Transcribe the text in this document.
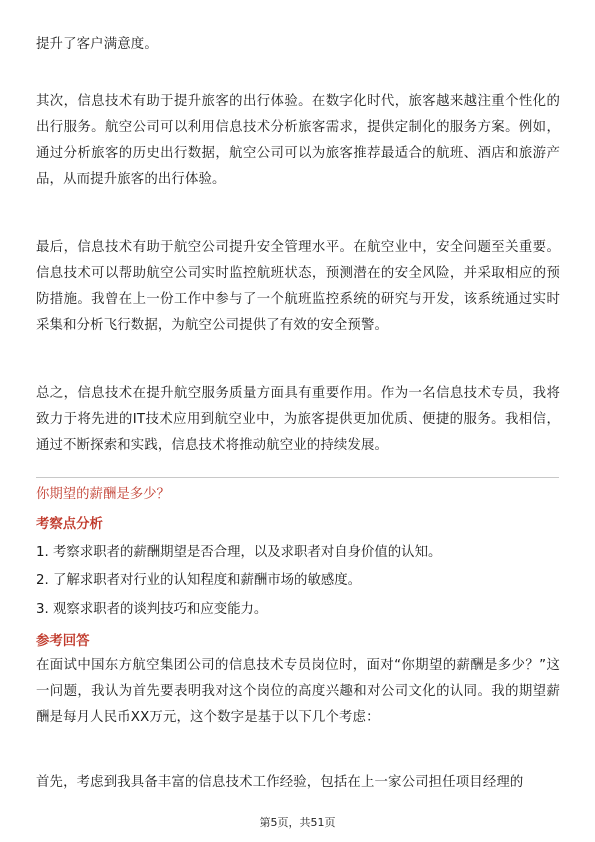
提升了客户满意度。

其次，信息技术有助于提升旅客的出行体验。在数字化时代，旅客越来越注重个性化的出行服务。航空公司可以利用信息技术分析旅客需求，提供定制化的服务方案。例如，通过分析旅客的历史出行数据，航空公司可以为旅客推荐最适合的航班、酒店和旅游产品，从而提升旅客的出行体验。

最后，信息技术有助于航空公司提升安全管理水平。在航空业中，安全问题至关重要。信息技术可以帮助航空公司实时监控航班状态，预测潜在的安全风险，并采取相应的预防措施。我曾在上一份工作中参与了一个航班监控系统的研究与开发，该系统通过实时采集和分析飞行数据，为航空公司提供了有效的安全预警。

总之，信息技术在提升航空服务质量方面具有重要作用。作为一名信息技术专员，我将致力于将先进的IT技术应用到航空业中，为旅客提供更加优质、便捷的服务。我相信，通过不断探索和实践，信息技术将推动航空业的持续发展。

你期望的薪酬是多少？

考察点分析

1. 考察求职者的薪酬期望是否合理，以及求职者对自身价值的认知。

2. 了解求职者对行业的认知程度和薪酬市场的敏感度。

3. 观察求职者的谈判技巧和应变能力。

参考回答

在面试中国东方航空集团公司的信息技术专员岗位时，面对“你期望的薪酬是多少？”这一问题，我认为首先要表明我对这个岗位的高度兴趣和对公司文化的认同。我的期望薪酬是每月人民币XX万元，这个数字是基于以下几个考虑：

首先，考虑到我具备丰富的信息技术工作经验，包括在上一家公司担任项目经理的

第5页，共51页
